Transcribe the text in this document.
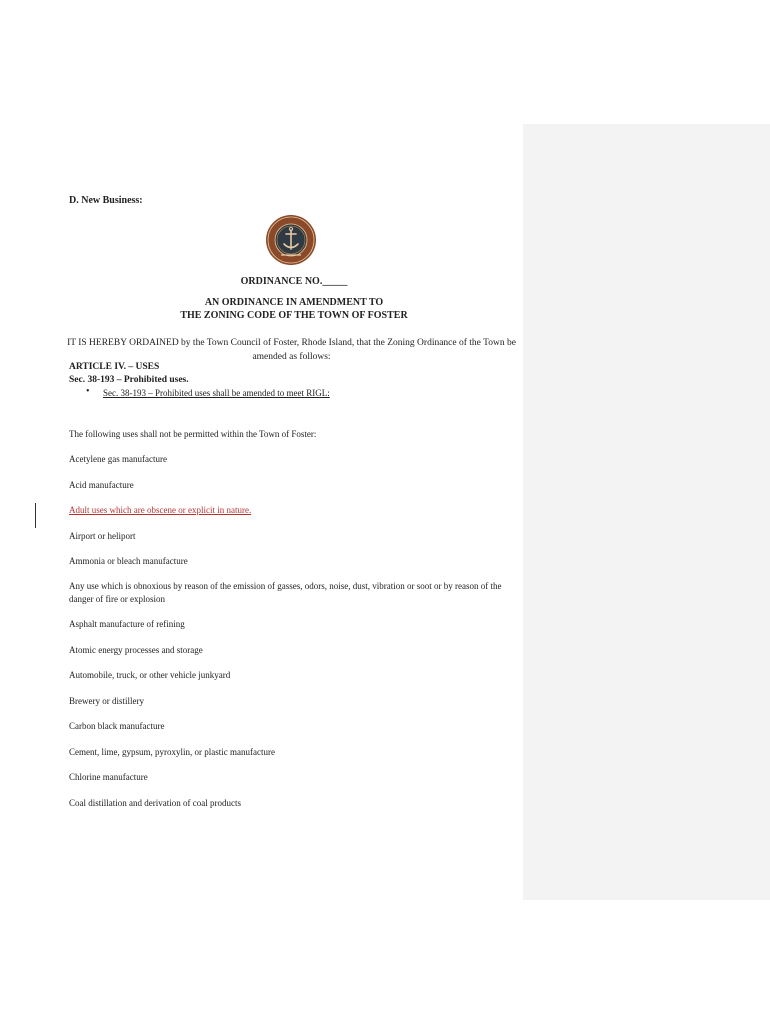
D. New Business:
ORDINANCE NO._____
AN ORDINANCE IN AMENDMENT TO
THE ZONING CODE OF THE TOWN OF FOSTER
IT IS HEREBY ORDAINED by the Town Council of Foster, Rhode Island, that the Zoning Ordinance of the Town be amended as follows:
ARTICLE IV. – USES
Sec. 38-193 – Prohibited uses.
• Sec. 38-193 – Prohibited uses shall be amended to meet RIGL:
The following uses shall not be permitted within the Town of Foster:
Acetylene gas manufacture
Acid manufacture
Adult uses which are obscene or explicit in nature.
Airport or heliport
Ammonia or bleach manufacture
Any use which is obnoxious by reason of the emission of gasses, odors, noise, dust, vibration or soot or by reason of the danger of fire or explosion
Asphalt manufacture of refining
Atomic energy processes and storage
Automobile, truck, or other vehicle junkyard
Brewery or distillery
Carbon black manufacture
Cement, lime, gypsum, pyroxylin, or plastic manufacture
Chlorine manufacture
Coal distillation and derivation of coal products
